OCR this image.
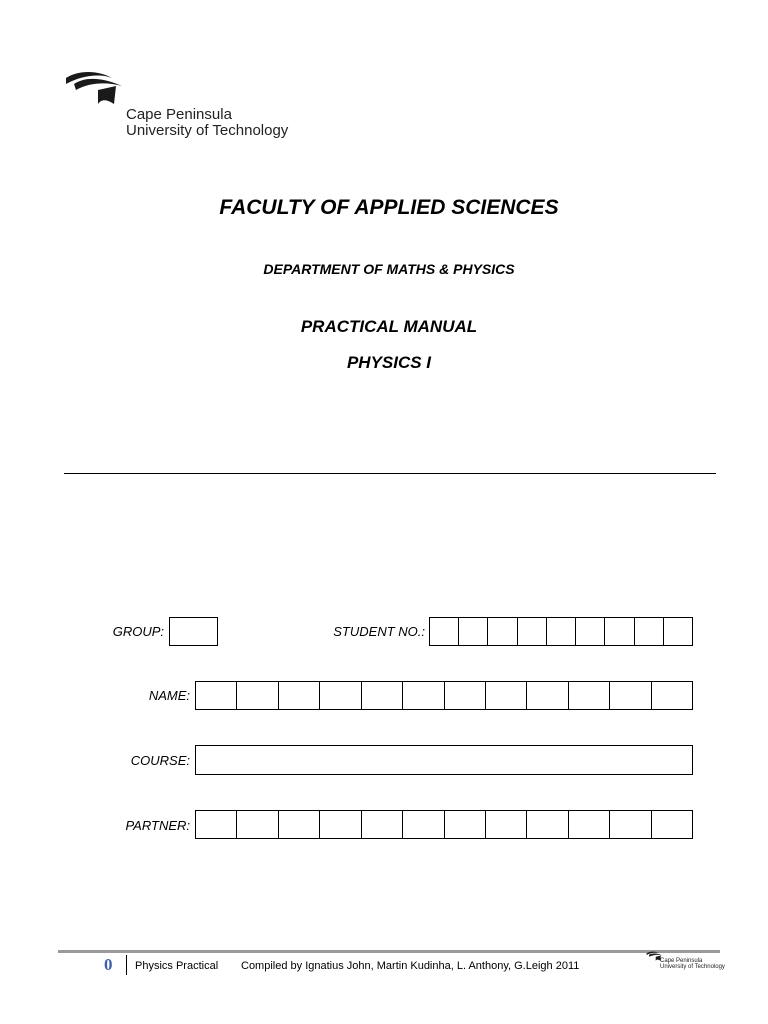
Cape Peninsula
University of Technology
FACULTY OF APPLIED SCIENCES
DEPARTMENT OF MATHS & PHYSICS
PRACTICAL MANUAL
PHYSICS I
GROUP:	STUDENT NO.:
NAME:
COURSE:
PARTNER:
0 Physics Practical Compiled by Ignatius John, Martin Kudinha, L. Anthony, G.Leigh 2011	Cape Peninsula
University of Technology
